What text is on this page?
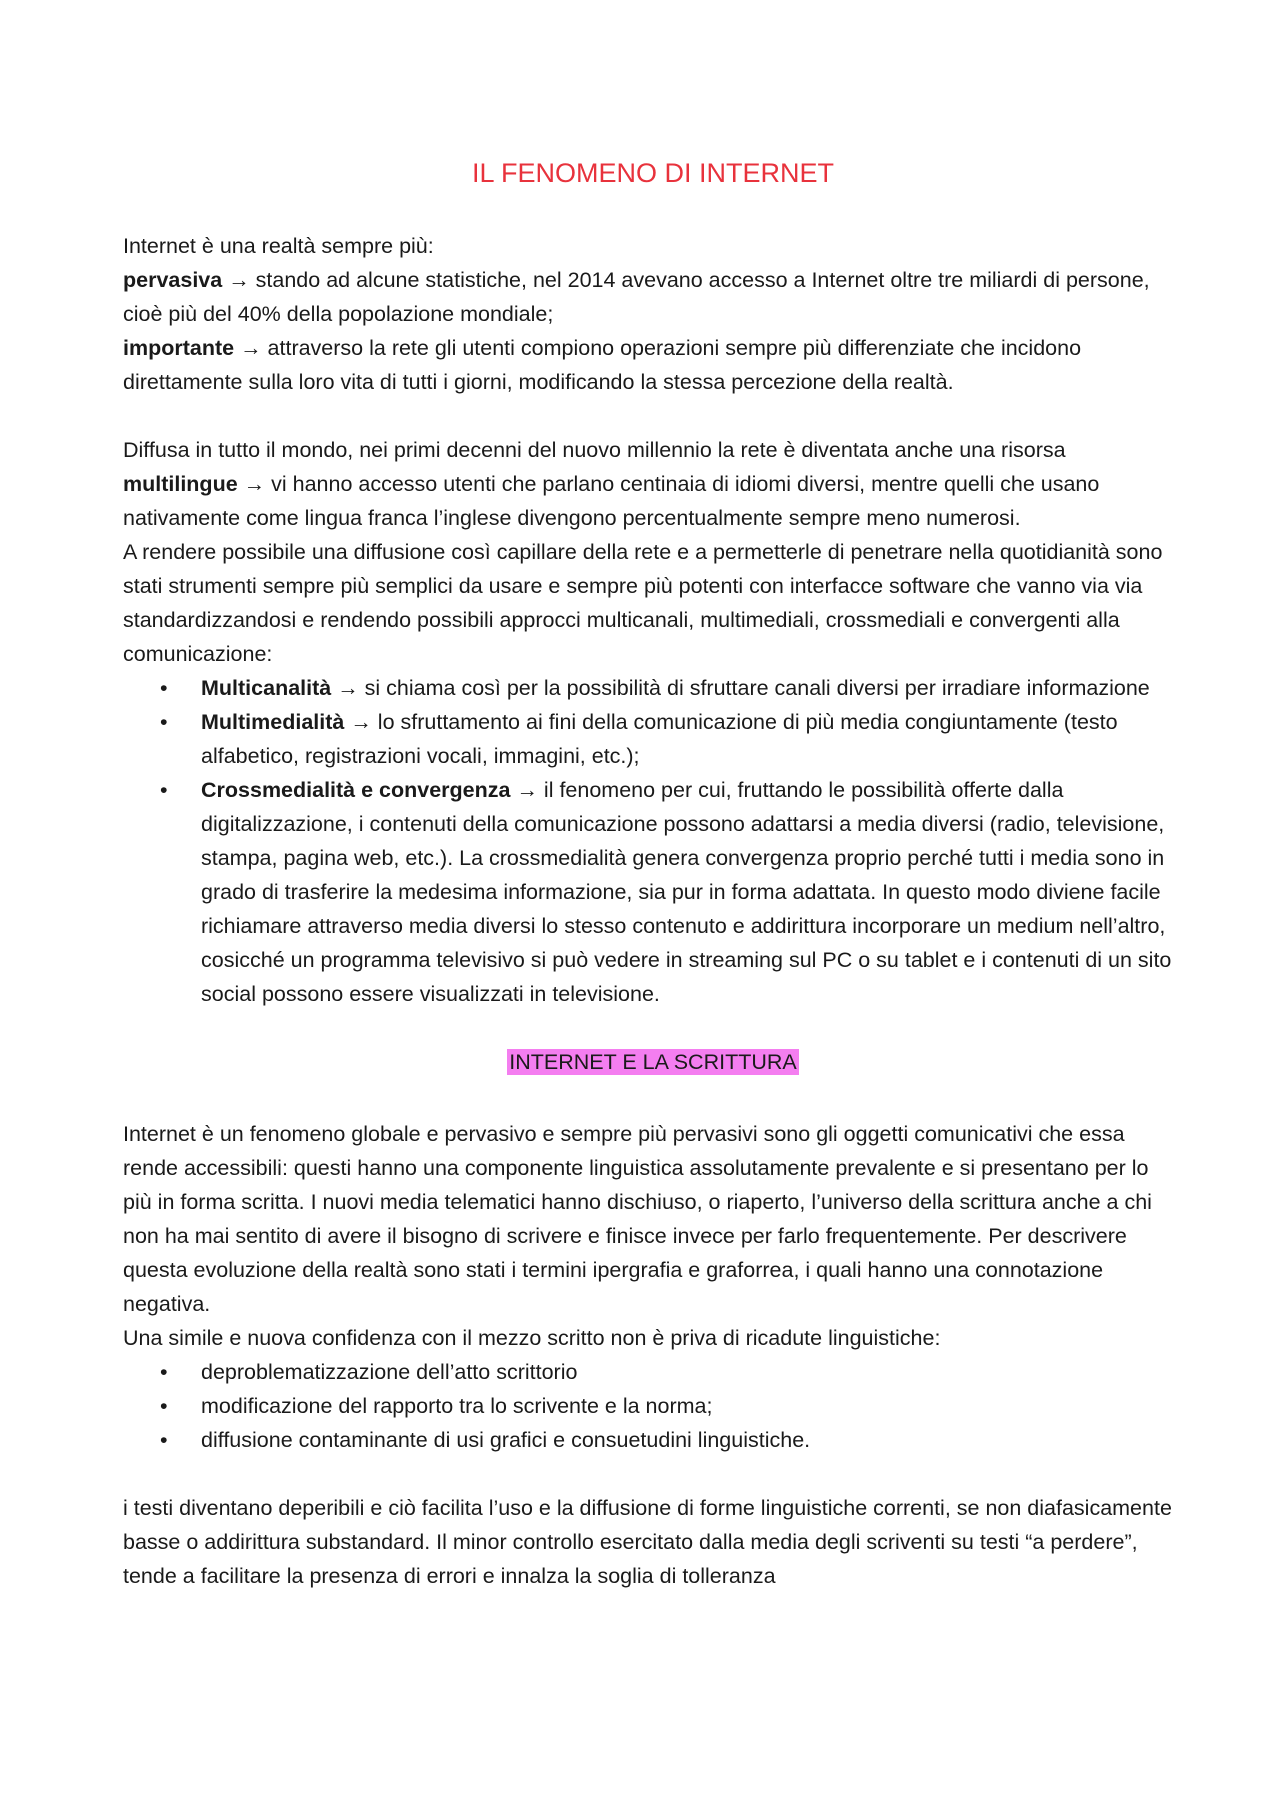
IL FENOMENO DI INTERNET

Internet è una realtà sempre più:

pervasiva → stando ad alcune statistiche, nel 2014 avevano accesso a Internet oltre tre miliardi di persone, cioè più del 40% della popolazione mondiale;

importante → attraverso la rete gli utenti compiono operazioni sempre più differenziate che incidono direttamente sulla loro vita di tutti i giorni, modificando la stessa percezione della realtà.

Diffusa in tutto il mondo, nei primi decenni del nuovo millennio la rete è diventata anche una risorsa multilingue → vi hanno accesso utenti che parlano centinaia di idiomi diversi, mentre quelli che usano nativamente come lingua franca l’inglese divengono percentualmente sempre meno numerosi.

A rendere possibile una diffusione così capillare della rete e a permetterle di penetrare nella quotidianità sono stati strumenti sempre più semplici da usare e sempre più potenti con interfacce software che vanno via via standardizzandosi e rendendo possibili approcci multicanali, multimediali, crossmediali e convergenti alla comunicazione:

• Multicanalità → si chiama così per la possibilità di sfruttare canali diversi per irradiare informazione
• Multimedialità → lo sfruttamento ai fini della comunicazione di più media congiuntamente (testo alfabetico, registrazioni vocali, immagini, etc.);
• Crossmedialità e convergenza → il fenomeno per cui, fruttando le possibilità offerte dalla digitalizzazione, i contenuti della comunicazione possono adattarsi a media diversi (radio, televisione, stampa, pagina web, etc.). La crossmedialità genera convergenza proprio perché tutti i media sono in grado di trasferire la medesima informazione, sia pur in forma adattata. In questo modo diviene facile richiamare attraverso media diversi lo stesso contenuto e addirittura incorporare un medium nell’altro, cosicché un programma televisivo si può vedere in streaming sul PC o su tablet e i contenuti di un sito social possono essere visualizzati in televisione.
INTERNET E LA SCRITTURA

Internet è un fenomeno globale e pervasivo e sempre più pervasivi sono gli oggetti comunicativi che essa rende accessibili: questi hanno una componente linguistica assolutamente prevalente e si presentano per lo più in forma scritta. I nuovi media telematici hanno dischiuso, o riaperto, l’universo della scrittura anche a chi non ha mai sentito di avere il bisogno di scrivere e finisce invece per farlo frequentemente. Per descrivere questa evoluzione della realtà sono stati i termini ipergrafia e graforrea, i quali hanno una connotazione negativa.

Una simile e nuova confidenza con il mezzo scritto non è priva di ricadute linguistiche:

• deproblematizzazione dell’atto scrittorio
• modificazione del rapporto tra lo scrivente e la norma;
• diffusione contaminante di usi grafici e consuetudini linguistiche.

i testi diventano deperibili e ciò facilita l’uso e la diffusione di forme linguistiche correnti, se non diafasicamente basse o addirittura substandard. Il minor controllo esercitato dalla media degli scriventi su testi “a perdere”, tende a facilitare la presenza di errori e innalza la soglia di tolleranza
